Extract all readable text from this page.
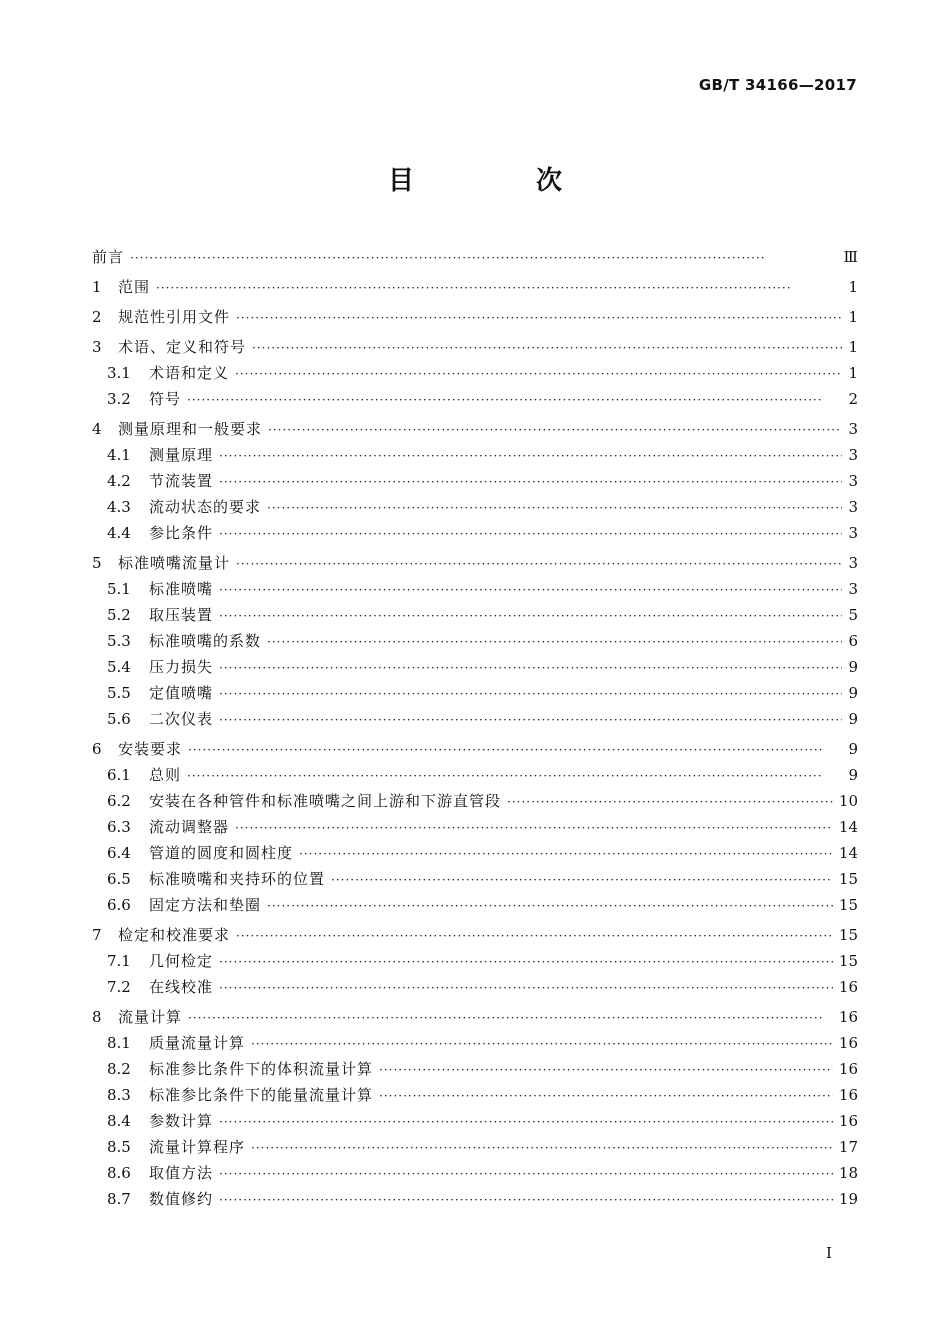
GB/T 34166—2017
目　次
前言 ·····	Ⅲ
1	范围 ·····	1
2	规范性引用文件 ·····	1
3	术语、定义和符号 ·····	1
3.1	术语和定义 ·····	1
3.2	符号 ·····	2
4	测量原理和一般要求 ·····	3
4.1	测量原理 ·····	3
4.2	节流装置 ·····	3
4.3	流动状态的要求 ·····	3
4.4	参比条件 ·····	3
5	标准喷嘴流量计 ·····	3
5.1	标准喷嘴 ·····	3
5.2	取压装置 ·····	5
5.3	标准喷嘴的系数 ·····	6
5.4	压力损失 ·····	9
5.5	定值喷嘴 ·····	9
5.6	二次仪表 ·····	9
6	安装要求 ·····	9
6.1	总则 ·····	9
6.2	安装在各种管件和标准喷嘴之间上游和下游直管段 ·····	10
6.3	流动调整器 ·····	14
6.4	管道的圆度和圆柱度 ·····	14
6.5	标准喷嘴和夹持环的位置 ·····	15
6.6	固定方法和垫圈 ·····	15
7	检定和校准要求 ·····	15
7.1	几何检定 ·····	15
7.2	在线校准 ·····	16
8	流量计算 ·····	16
8.1	质量流量计算 ·····	16
8.2	标准参比条件下的体积流量计算 ·····	16
8.3	标准参比条件下的能量流量计算 ·····	16
8.4	参数计算 ·····	16
8.5	流量计算程序 ·····	17
8.6	取值方法 ·····	18
8.7	数值修约 ·····	19
I
